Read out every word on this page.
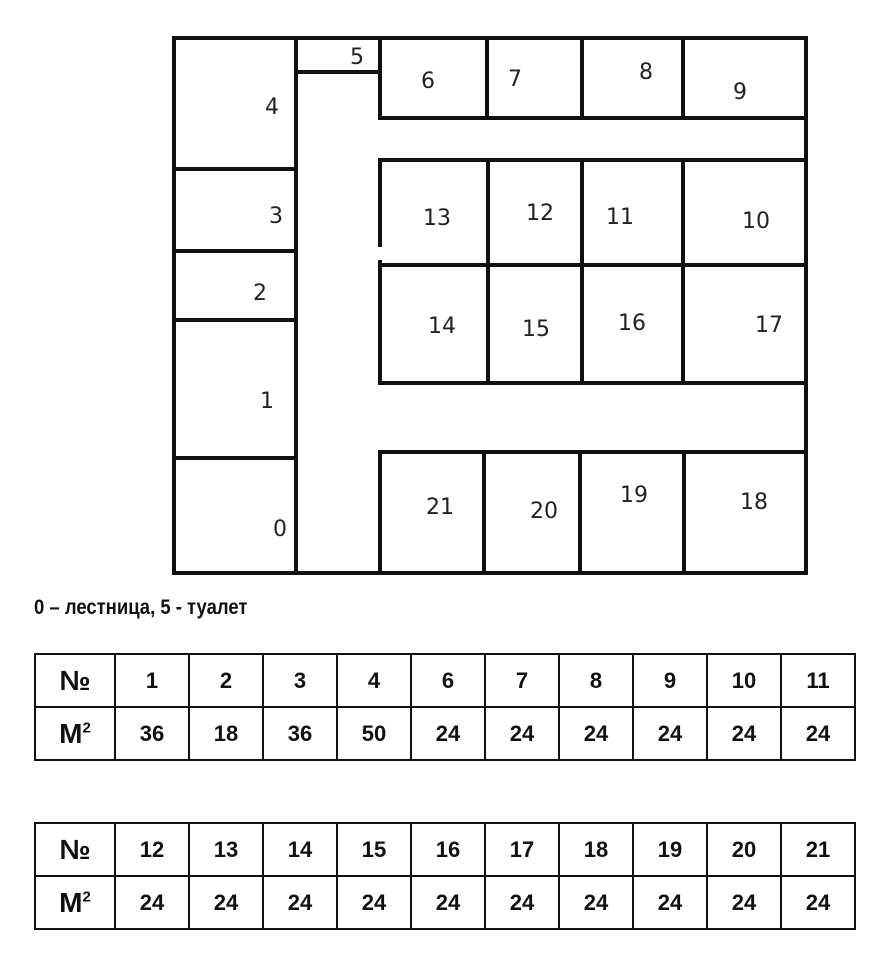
0
1
2
3
4
5
6	7	8
9
10
11
12
13
14	15	16	17
18
19
20
21
0 – лестница, 5 - туалет
№	1	2	3	4	6	7	8	9	10	11
$М^2$	36	18	36	50	24	24	24	24	24	24
№	12	13	14	15	16	17	18	19	20	21
$М^2$	24	24	24	24	24	24	24	24	24	24
